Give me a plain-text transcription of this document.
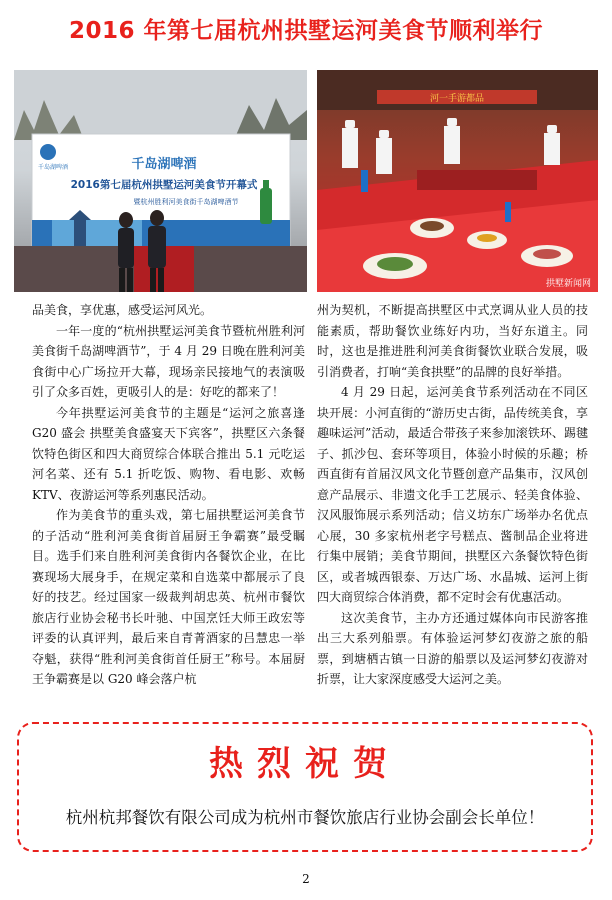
2016 年第七届杭州拱墅运河美食节顺利举行
千岛湖啤酒	千岛湖啤酒
2016第七届杭州拱墅运河美食节开幕式
暨杭州胜利河美食街千岛湖啤酒节
河一手游都品
拱墅新闻网

品美食，享优惠，感受运河风光。

一年一度的“杭州拱墅运河美食节暨杭州胜利河美食街千岛湖啤酒节”，于 4 月 29 日晚在胜利河美食街中心广场拉开大幕，现场亲民接地气的表演吸引了众多百姓，更吸引人的是：好吃的都来了！

今年拱墅运河美食节的主题是“运河之旅喜逢 G20 盛会 拱墅美食盛宴天下宾客”，拱墅区六条餐饮特色街区和四大商贸综合体联合推出 5.1 元吃运河名菜、还有 5.1 折吃饭、购物、看电影、欢畅 KTV、夜游运河等系列惠民活动。

作为美食节的重头戏，第七届拱墅运河美食节的子活动“胜利河美食街首届厨王争霸赛”最受瞩目。选手们来自胜利河美食街内各餐饮企业，在比赛现场大展身手，在规定菜和自选菜中都展示了良好的技艺。经过国家一级裁判胡忠英、杭州市餐饮旅店行业协会秘书长叶驰、中国烹饪大师王政宏等评委的认真评判，最后来自青菁酒家的吕慧忠一举夺魁，获得“胜利河美食街首任厨王”称号。本届厨王争霸赛是以 G20 峰会落户杭

州为契机，不断提高拱墅区中式烹调从业人员的技能素质，帮助餐饮业练好内功，当好东道主。同时，这也是推进胜利河美食街餐饮业联合发展，吸引消费者，打响“美食拱墅”的品牌的良好举措。

4 月 29 日起，运河美食节系列活动在不同区块开展：小河直街的“游历史古街，品传统美食，享趣味运河”活动，最适合带孩子来参加滚铁环、踢毽子、抓沙包、套环等项目，体验小时候的乐趣；桥西直街有首届汉风文化节暨创意产品集市，汉风创意产品展示、非遗文化手工艺展示、轻美食体验、汉风服饰展示系列活动；信义坊东广场举办名优点心展，30 多家杭州老字号糕点、酱制品企业将进行集中展销；美食节期间，拱墅区六条餐饮特色街区，或者城西银泰、万达广场、水晶城、运河上街四大商贸综合体消费，都不定时会有优惠活动。

这次美食节，主办方还通过媒体向市民游客推出三大系列船票。有体验运河梦幻夜游之旅的船票，到塘栖古镇一日游的船票以及运河梦幻夜游对折票，让大家深度感受大运河之美。

热烈祝贺
杭州杭邦餐饮有限公司成为杭州市餐饮旅店行业协会副会长单位！
2
